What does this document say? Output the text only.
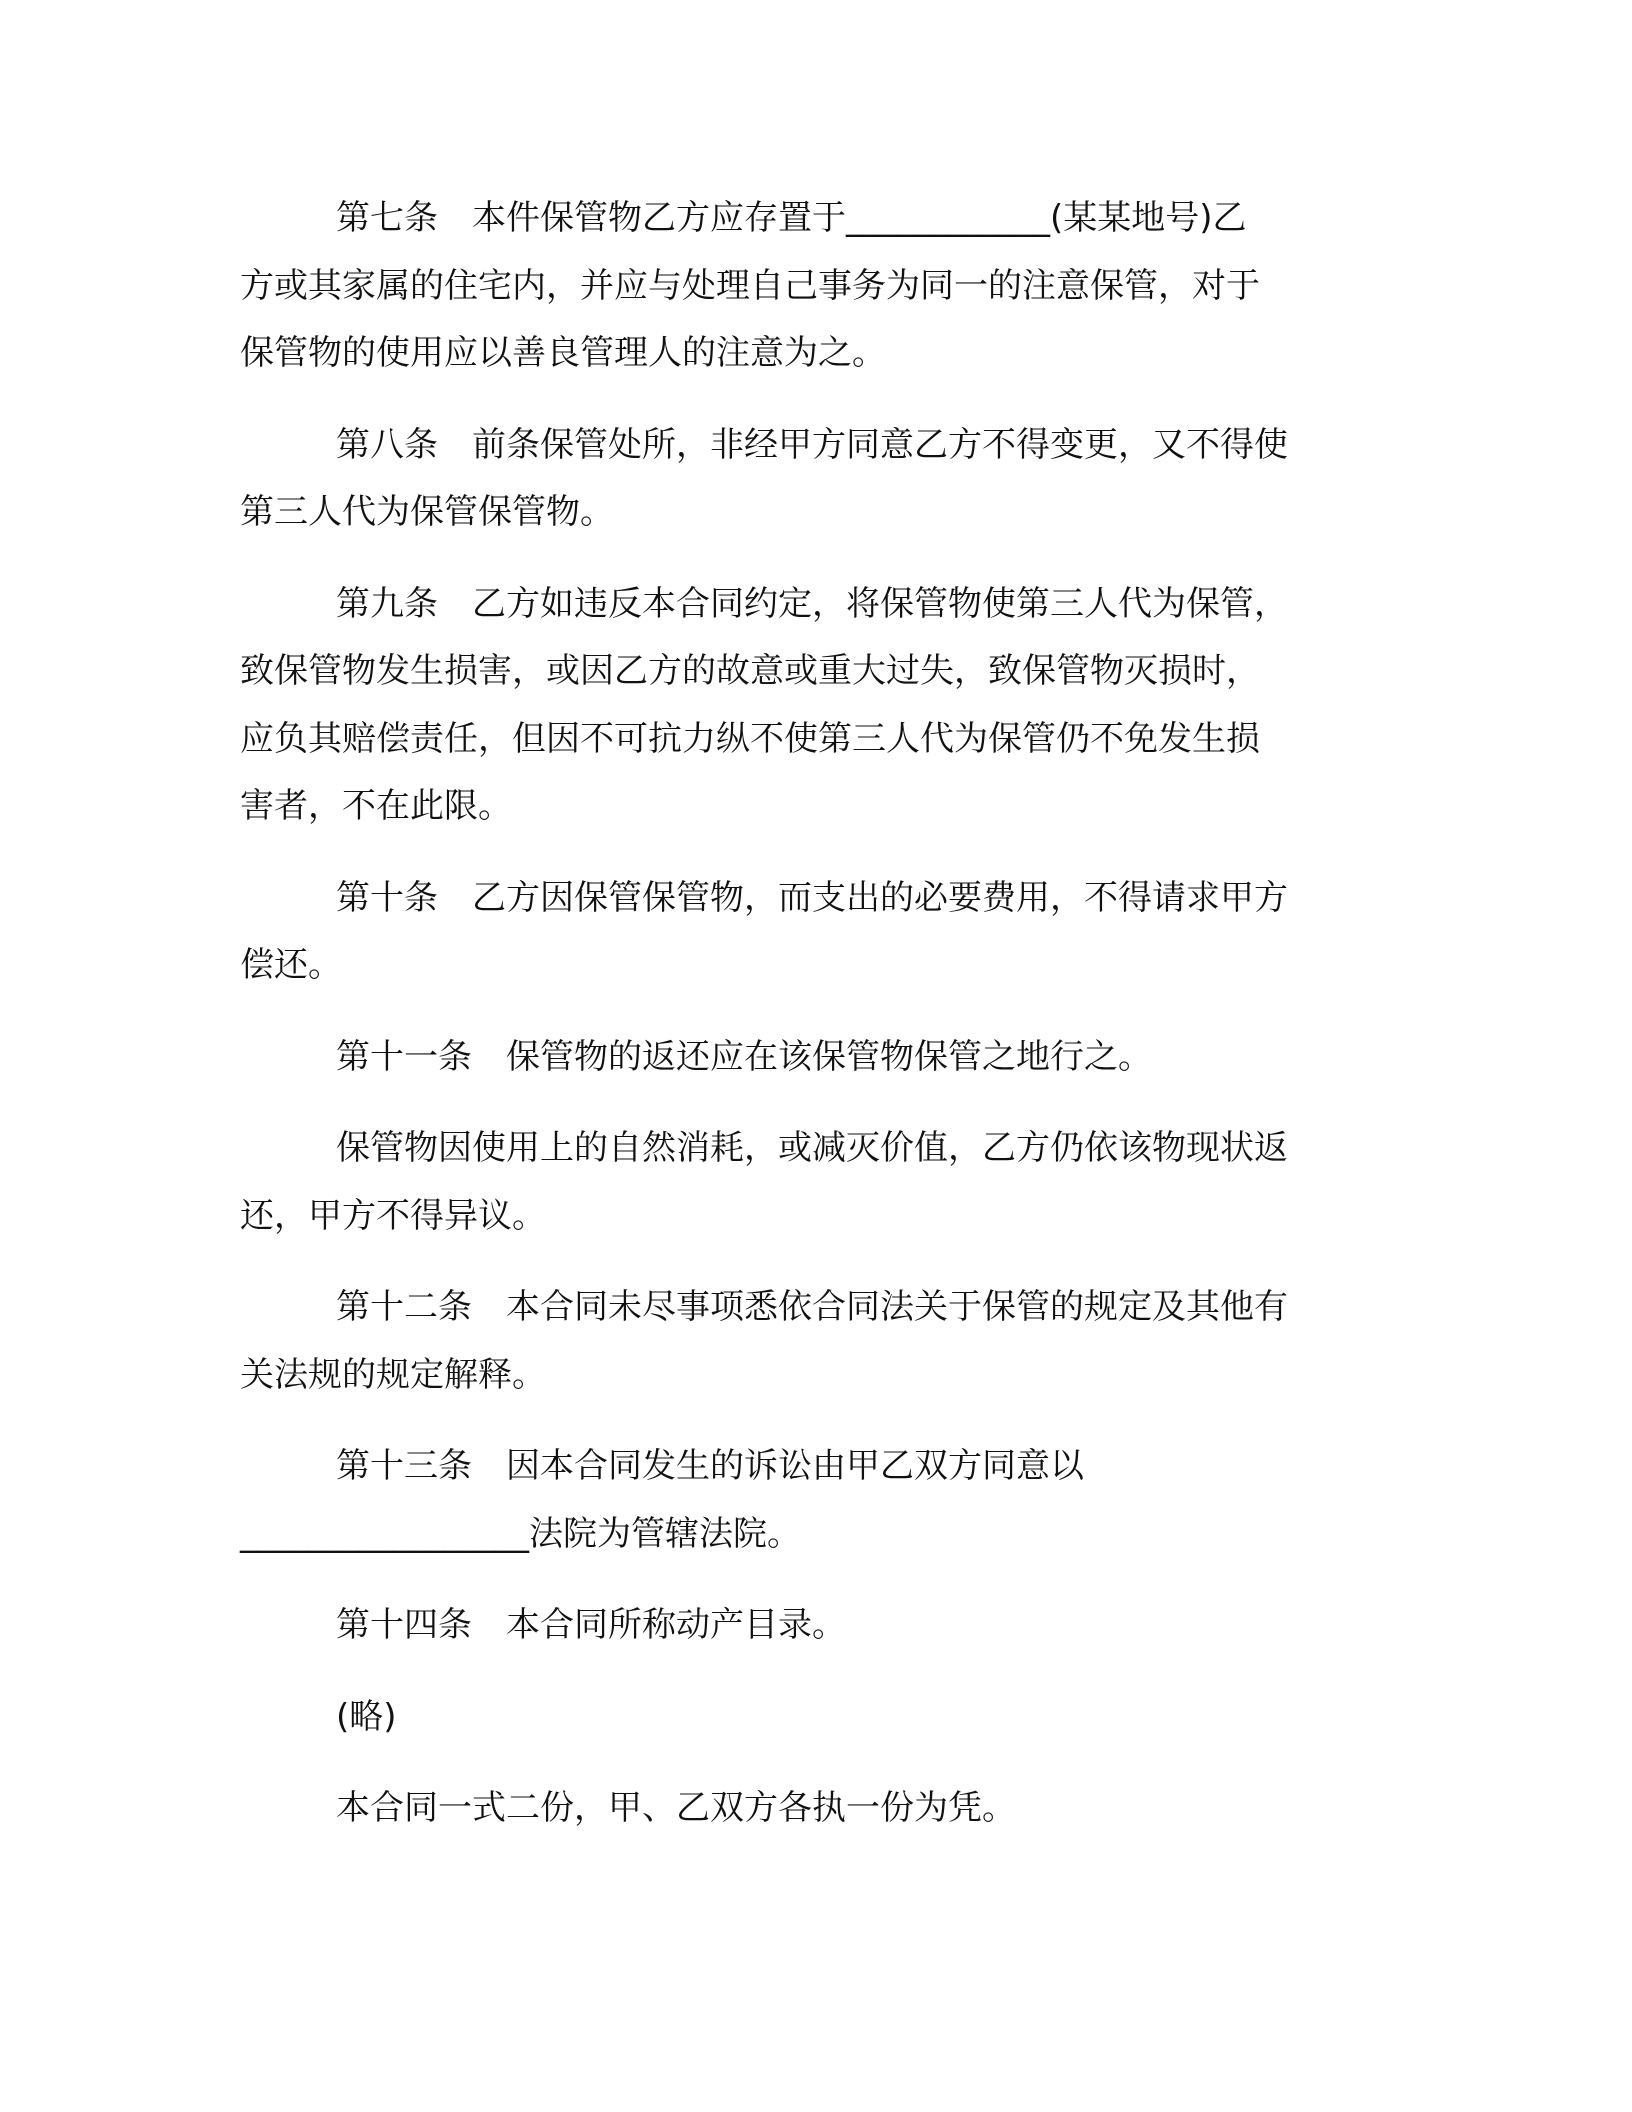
第七条　本件保管物乙方应存置于____________(某某地号)乙
方或其家属的住宅内，并应与处理自己事务为同一的注意保管，对于
保管物的使用应以善良管理人的注意为之。

第八条　前条保管处所，非经甲方同意乙方不得变更，又不得使
第三人代为保管保管物。

第九条　乙方如违反本合同约定，将保管物使第三人代为保管，
致保管物发生损害，或因乙方的故意或重大过失，致保管物灭损时，
应负其赔偿责任，但因不可抗力纵不使第三人代为保管仍不免发生损
害者，不在此限。

第十条　乙方因保管保管物，而支出的必要费用，不得请求甲方
偿还。

第十一条　保管物的返还应在该保管物保管之地行之。

保管物因使用上的自然消耗，或减灭价值，乙方仍依该物现状返
还，甲方不得异议。

第十二条　本合同未尽事项悉依合同法关于保管的规定及其他有
关法规的规定解释。

第十三条　因本合同发生的诉讼由甲乙双方同意以
_________________法院为管辖法院。

第十四条　本合同所称动产目录。

(略)

本合同一式二份，甲、乙双方各执一份为凭。
